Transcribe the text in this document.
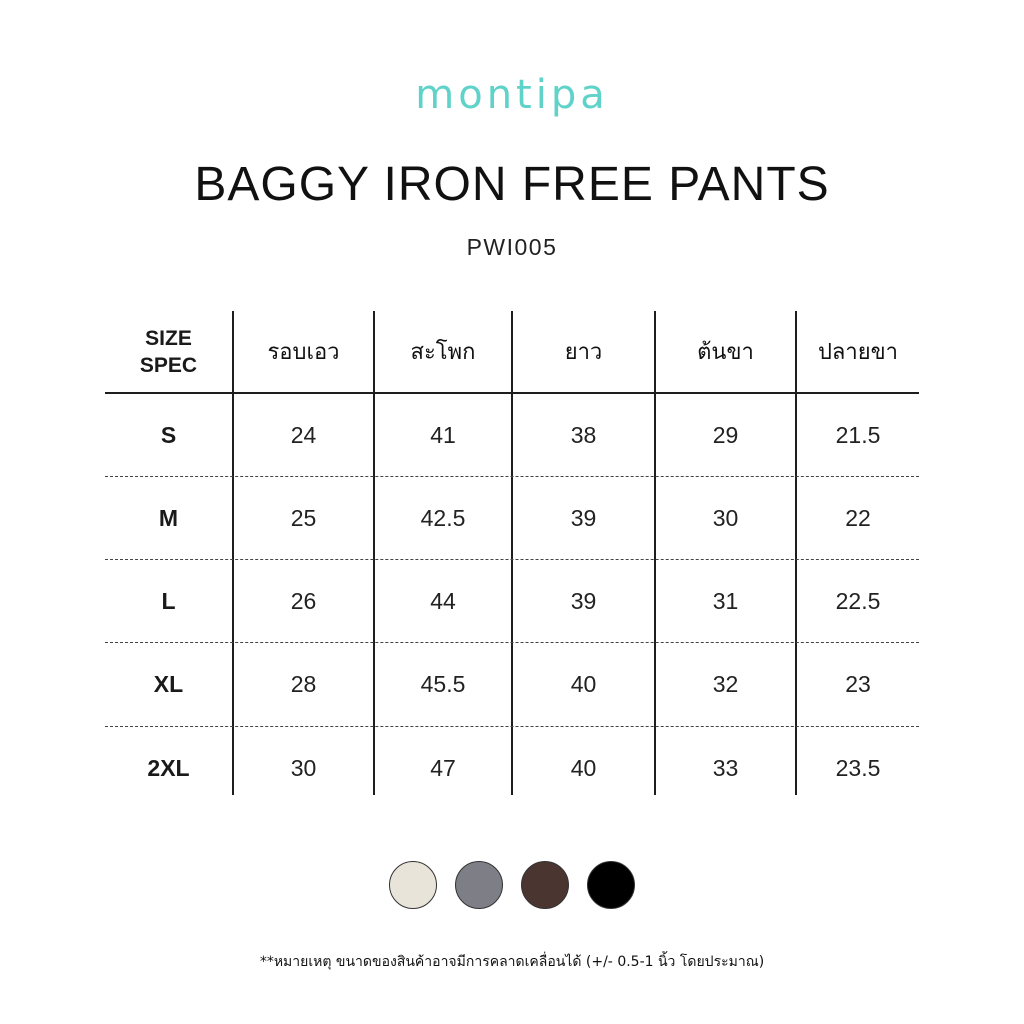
montipa
BAGGY IRON FREE PANTS
PWI005
SIZE
SPEC	รอบเอว	สะโพก	ยาว	ต้นขา	ปลายขา
S	24	41	38	29	21.5
M	25	42.5	39	30	22
L	26	44	39	31	22.5
XL	28	45.5	40	32	23
2XL	30	47	40	33	23.5
**หมายเหตุ ขนาดของสินค้าอาจมีการคลาดเคลื่อนได้ (+/- 0.5-1 นิ้ว โดยประมาณ)
